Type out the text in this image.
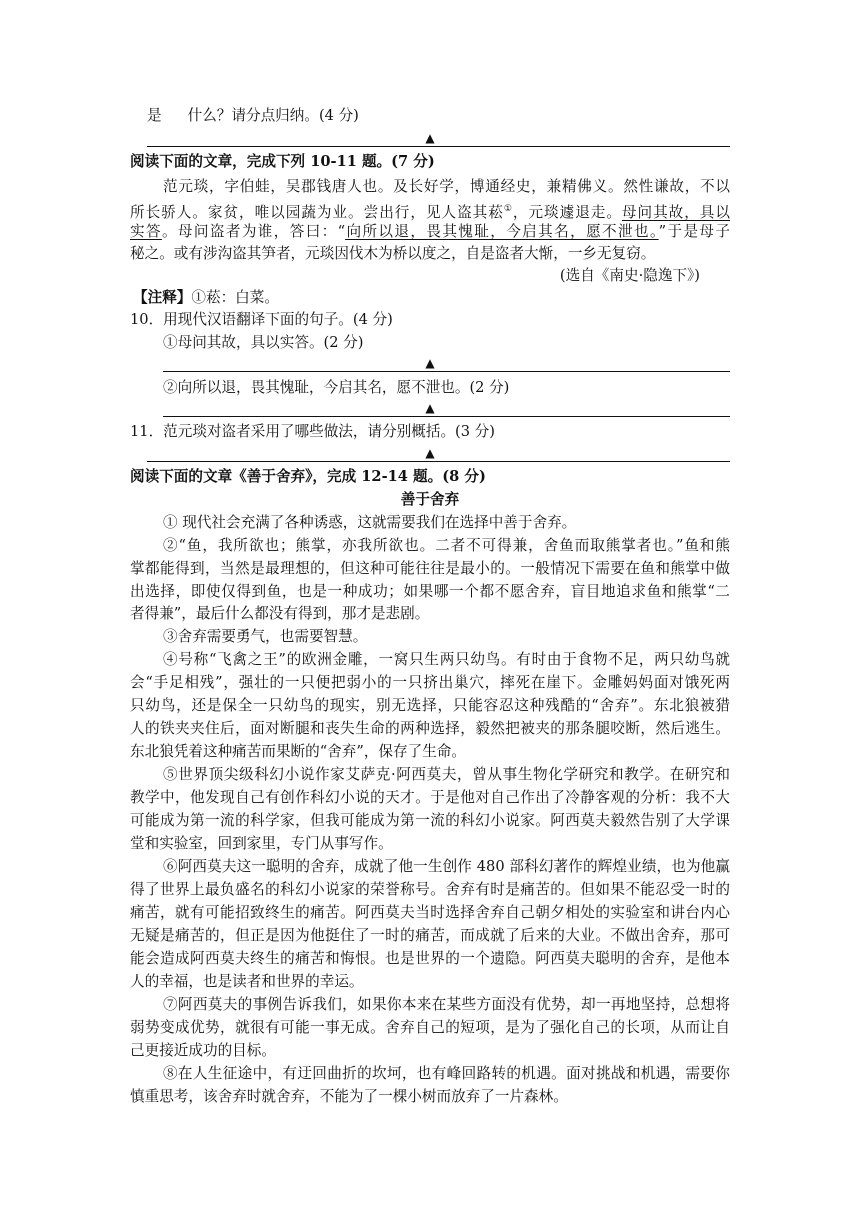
是 什么？请分点归纳。(4 分)
▲
阅读下面的文章，完成下列 10-11 题。(7 分)
范元琰，字伯蛙，吴郡钱唐人也。及长好学，博通经史，兼精佛义。然性谦故，不以
所长骄人。家贫，唯以园蔬为业。尝出行，见人盗其菘①，元琰遽退走。母问其故，具以
实答。母问盗者为谁，答曰：“向所以退，畏其愧耻，今启其名，愿不泄也。”于是母子
秘之。或有涉沟盗其笋者，元琰因伐木为桥以度之，自是盗者大惭，一乡无复窃。
(选自《南史·隐逸下》)
【注释】①菘：白菜。
10．用现代汉语翻译下面的句子。(4 分)
①母问其故，具以实答。(2 分)
▲
②向所以退，畏其愧耻，今启其名，愿不泄也。(2 分)
▲
11．范元琰对盗者采用了哪些做法，请分别概括。(3 分)
▲
阅读下面的文章《善于舍弃》，完成 12-14 题。(8 分)
善于舍弃
① 现代社会充满了各种诱惑，这就需要我们在选择中善于舍弃。
②“鱼，我所欲也；熊掌，亦我所欲也。二者不可得兼，舍鱼而取熊掌者也。”鱼和熊
掌都能得到，当然是最理想的，但这种可能往往是最小的。一般情况下需要在鱼和熊掌中做
出选择，即使仅得到鱼，也是一种成功；如果哪一个都不愿舍弃，盲目地追求鱼和熊掌“二
者得兼”，最后什么都没有得到，那才是悲剧。
③舍弃需要勇气，也需要智慧。
④号称“飞禽之王”的欧洲金雕，一窝只生两只幼鸟。有时由于食物不足，两只幼鸟就
会“手足相残”，强壮的一只便把弱小的一只挤出巢穴，摔死在崖下。金雕妈妈面对饿死两
只幼鸟，还是保全一只幼鸟的现实，别无选择，只能容忍这种残酷的“舍弃”。东北狼被猎
人的铁夹夹住后，面对断腿和丧失生命的两种选择，毅然把被夹的那条腿咬断，然后逃生。
东北狼凭着这种痛苦而果断的“舍弃”，保存了生命。
⑤世界顶尖级科幻小说作家艾萨克·阿西莫夫，曾从事生物化学研究和教学。在研究和
教学中，他发现自己有创作科幻小说的天才。于是他对自己作出了冷静客观的分析：我不大
可能成为第一流的科学家，但我可能成为第一流的科幻小说家。阿西莫夫毅然告别了大学课
堂和实验室，回到家里，专门从事写作。
⑥阿西莫夫这一聪明的舍弃，成就了他一生创作 480 部科幻著作的辉煌业绩，也为他赢
得了世界上最负盛名的科幻小说家的荣誉称号。舍弃有时是痛苦的。但如果不能忍受一时的
痛苦，就有可能招致终生的痛苦。阿西莫夫当时选择舍弃自己朝夕相处的实验室和讲台内心
无疑是痛苦的，但正是因为他挺住了一时的痛苦，而成就了后来的大业。不做出舍弃，那可
能会造成阿西莫夫终生的痛苦和悔恨。也是世界的一个遗隐。阿西莫夫聪明的舍弃，是他本
人的幸福，也是读者和世界的幸运。
⑦阿西莫夫的事例告诉我们，如果你本来在某些方面没有优势，却一再地坚持，总想将
弱势变成优势，就很有可能一事无成。舍弃自己的短项，是为了强化自己的长项，从而让自
己更接近成功的目标。
⑧在人生征途中，有迂回曲折的坎坷，也有峰回路转的机遇。面对挑战和机遇，需要你
慎重思考，该舍弃时就舍弃，不能为了一棵小树而放弃了一片森林。
